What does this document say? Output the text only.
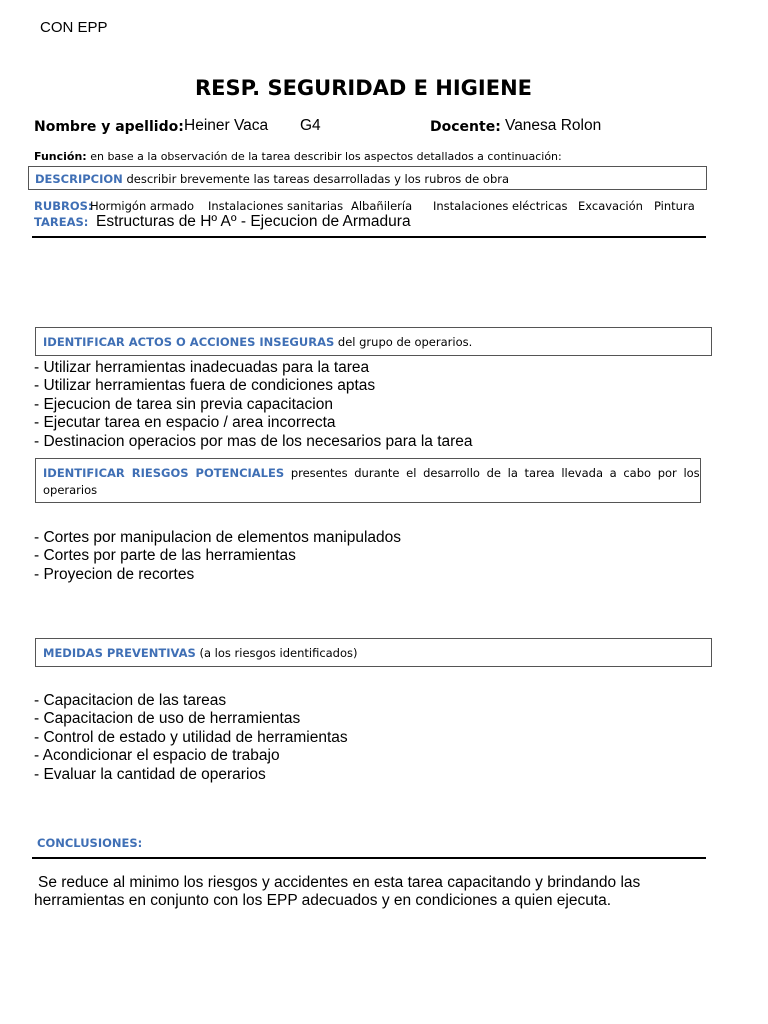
CON EPP
RESP. SEGURIDAD E HIGIENE
Nombre y apellido: Heiner Vaca G4	Docente: Vanesa Rolon
Función: en base a la observación de la tarea describir los aspectos detallados a continuación:
DESCRIPCION describir brevemente las tareas desarrolladas y los rubros de obra
RUBROS:
Hormigón armado Instalaciones sanitarias Albañilería Instalaciones eléctricas Excavación Pintura
TAREAS: Estructuras de Hº Aº - Ejecucion de Armadura
IDENTIFICAR ACTOS O ACCIONES INSEGURAS del grupo de operarios.
- Utilizar herramientas inadecuadas para la tarea
- Utilizar herramientas fuera de condiciones aptas
- Ejecucion de tarea sin previa capacitacion
- Ejecutar tarea en espacio / area incorrecta
- Destinacion operacios por mas de los necesarios para la tarea
IDENTIFICAR RIESGOS POTENCIALES presentes durante el desarrollo de la tarea llevada a cabo por los
operarios
- Cortes por manipulacion de elementos manipulados
- Cortes por parte de las herramientas
- Proyecion de recortes
MEDIDAS PREVENTIVAS (a los riesgos identificados)
- Capacitacion de las tareas
- Capacitacion de uso de herramientas
- Control de estado y utilidad de herramientas
- Acondicionar el espacio de trabajo
- Evaluar la cantidad de operarios
CONCLUSIONES:
Se reduce al minimo los riesgos y accidentes en esta tarea capacitando y brindando las
herramientas en conjunto con los EPP adecuados y en condiciones a quien ejecuta.
